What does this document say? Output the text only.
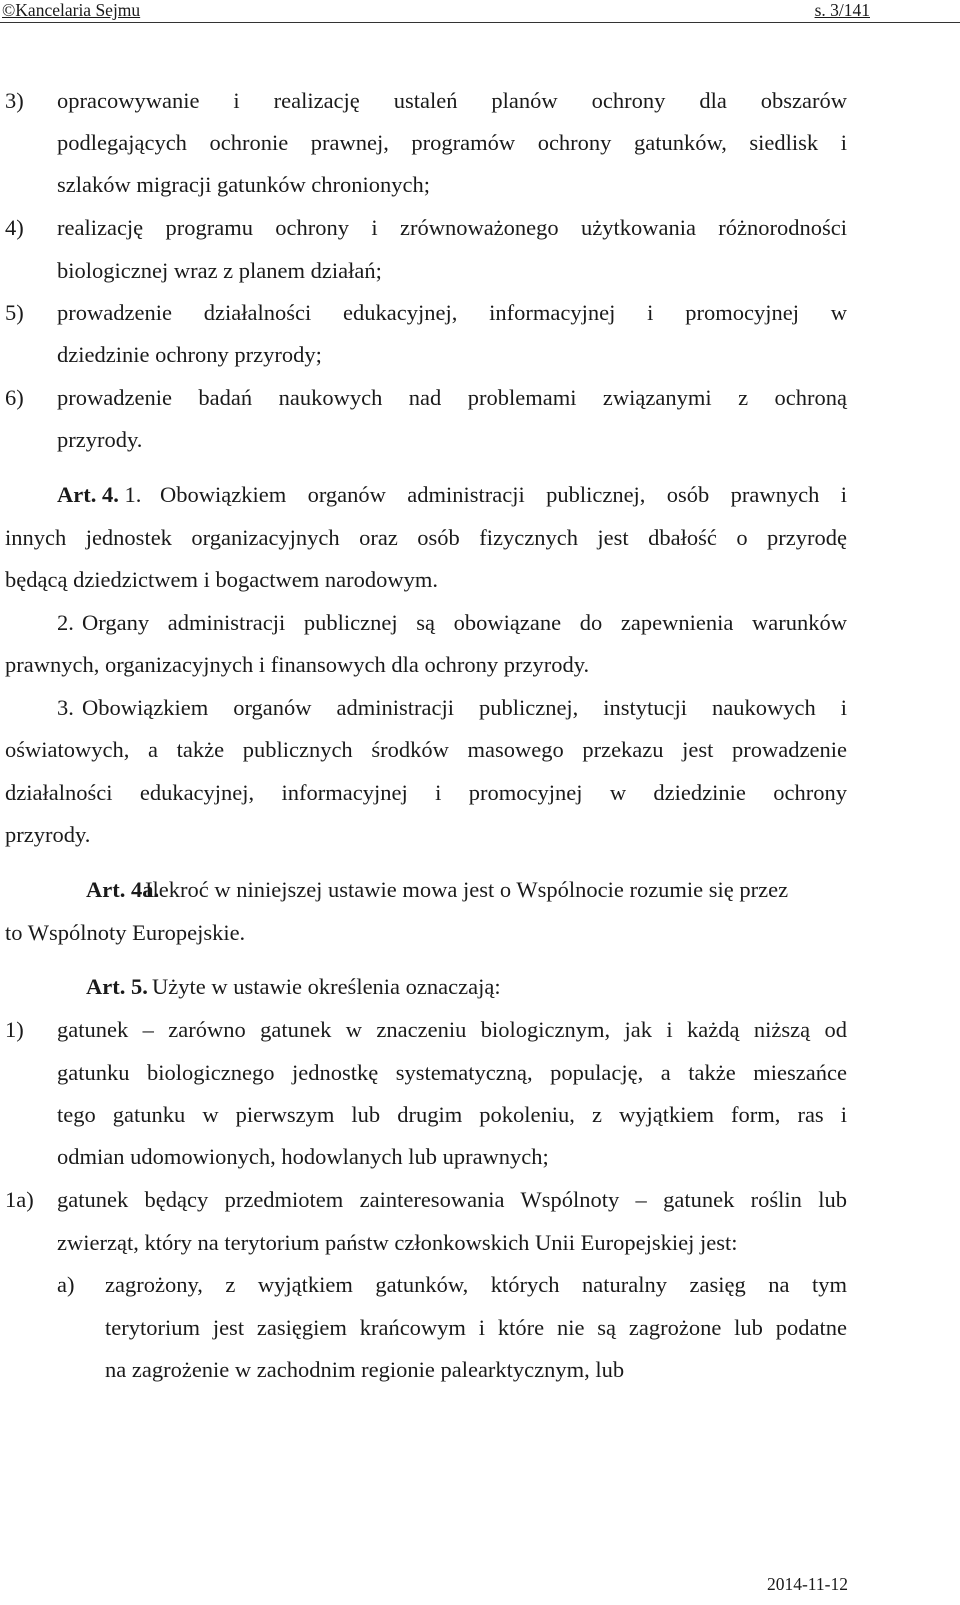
©Kancelaria Sejmu	s. 3/141
3) opracowywanie i realizację ustaleń planów ochrony dla obszarów
podlegających ochronie prawnej, programów ochrony gatunków, siedlisk i
szlaków migracji gatunków chronionych;
4) realizację programu ochrony i zrównoważonego użytkowania różnorodności
biologicznej wraz z planem działań;
5) prowadzenie działalności edukacyjnej, informacyjnej i promocyjnej w
dziedzinie ochrony przyrody;
6) prowadzenie badań naukowych nad problemami związanymi z ochroną
przyrody.
Art. 4. 1. Obowiązkiem organów administracji publicznej, osób prawnych i
innych jednostek organizacyjnych oraz osób fizycznych jest dbałość o przyrodę
będącą dziedzictwem i bogactwem narodowym.
2. Organy administracji publicznej są obowiązane do zapewnienia warunków
prawnych, organizacyjnych i finansowych dla ochrony przyrody.
3. Obowiązkiem organów administracji publicznej, instytucji naukowych i
oświatowych, a także publicznych środków masowego przekazu jest prowadzenie
działalności edukacyjnej, informacyjnej i promocyjnej w dziedzinie ochrony
przyrody.
Art. 4a.
Ilekroć w niniejszej ustawie mowa jest o Wspólnocie rozumie się przez
to Wspólnoty Europejskie.
Art. 5. Użyte w ustawie określenia oznaczają:
1) gatunek – zarówno gatunek w znaczeniu biologicznym, jak i każdą niższą od
gatunku biologicznego jednostkę systematyczną, populację, a także mieszańce
tego gatunku w pierwszym lub drugim pokoleniu, z wyjątkiem form, ras i
odmian udomowionych, hodowlanych lub uprawnych;
1a) gatunek będący przedmiotem zainteresowania Wspólnoty – gatunek roślin lub
zwierząt, który na terytorium państw członkowskich Unii Europejskiej jest:
a) zagrożony, z wyjątkiem gatunków, których naturalny zasięg na tym
terytorium jest zasięgiem krańcowym i które nie są zagrożone lub podatne
na zagrożenie w zachodnim regionie palearktycznym, lub
2014-11-12
